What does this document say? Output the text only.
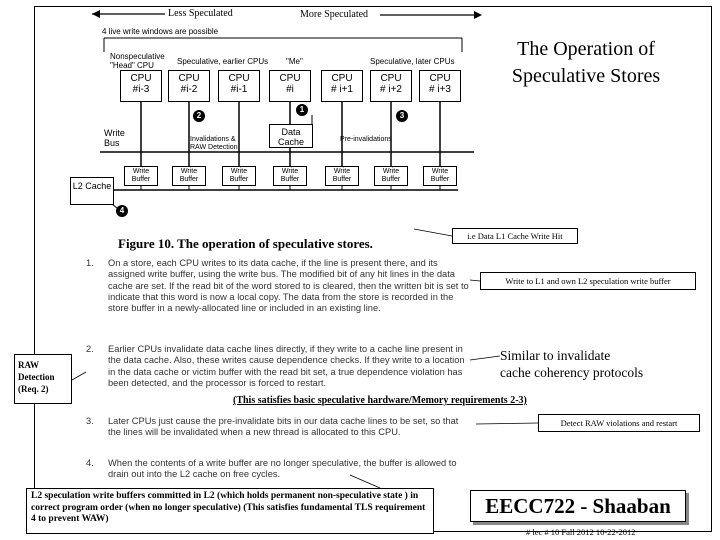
Less Speculated	More Speculated
The Operation of
Speculative Stores
4 live write windows are possible
Nonspeculative "Head" CPU	Speculative, earlier CPUs "Me"	Speculative, later CPUs
CPU
#i-3
CPU
#i-2
CPU
#i-1
CPU
#i
CPU
# i+1
CPU
# i+2
CPU
# i+3
Data Cache
Write Bus	Invalidations & RAW Detection
Pre-invalidations
Write Buffer
Write Buffer
Write Buffer
Write Buffer
Write Buffer
Write Buffer
Write Buffer
L2 Cache
1
2	3
4
Figure 10. The operation of speculative stores.
1. On a store, each CPU writes to its data cache, if the line is present there, and its assigned write buffer, using the write bus. The modified bit of any hit lines in the data cache are set. If the read bit of the word stored to is cleared, then the written bit is set to indicate that this word is now a local copy. The data from the store is recorded in the store buffer in a newly-allocated line or included in an existing line.
2. Earlier CPUs invalidate data cache lines directly, if they write to a cache line present in the data cache. Also, these writes cause dependence checks. If they write to a location in the data cache or victim buffer with the read bit set, a true dependence violation has been detected, and the processor is forced to restart.
3. Later CPUs just cause the pre-invalidate bits in our data cache lines to be set, so that the lines will be invalidated when a new thread is allocated to this CPU.
4. When the contents of a write buffer are no longer speculative, the buffer is allowed to drain out into the L2 cache on free cycles.
i.e Data L1 Cache Write Hit
Write to L1 and own L2 speculation write buffer
RAW Detection (Req. 2)
Similar to invalidate
cache coherency protocols
(This satisfies basic speculative hardware/Memory requirements 2-3)
Detect RAW violations and restart
L2 speculation write buffers committed in L2 (which holds permanent non-speculative state ) in correct program order (when no longer speculative) (This satisfies fundamental TLS requirement 4 to prevent WAW)
EECC722 - Shaaban
# lec # 10 Fall 2012 10-22-2012
